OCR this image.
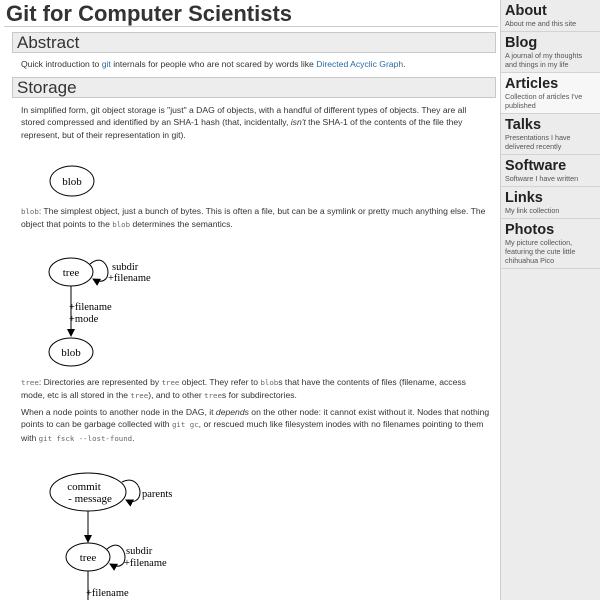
Git for Computer Scientists
Abstract

Quick introduction to git internals for people who are not scared by words like Directed Acyclic Graph.

Storage

In simplified form, git object storage is "just" a DAG of objects, with a handful of different types of objects. They are all stored compressed and identified by an SHA-1 hash (that, incidentally, isn't the SHA-1 of the contents of the file they represent, but of their representation in git).

blob

blob: The simplest object, just a bunch of bytes. This is often a file, but can be a symlink or pretty much anything else. The object that points to the blob determines the semantics.

tree	subdir
+filename
+filename
+mode
blob

tree: Directories are represented by tree object. They refer to blobs that have the contents of files (filename, access mode, etc is all stored in the tree), and to other trees for subdirectories.

When a node points to another node in the DAG, it depends on the other node: it cannot exist without it. Nodes that nothing points to can be garbage collected with git gc, or rescued much like filesystem inodes with no filenames pointing to them with git fsck --lost-found.

commit
- message	parents
tree
subdir
+filename
+filename
About
About me and this site
Blog
A journal of my thoughts and things in my life
Articles
Collection of articles I've published
Talks
Presentations I have delivered recently
Software
Software I have written
Links
My link collection
Photos
My picture collection, featuring the cute little chihuahua Pico
